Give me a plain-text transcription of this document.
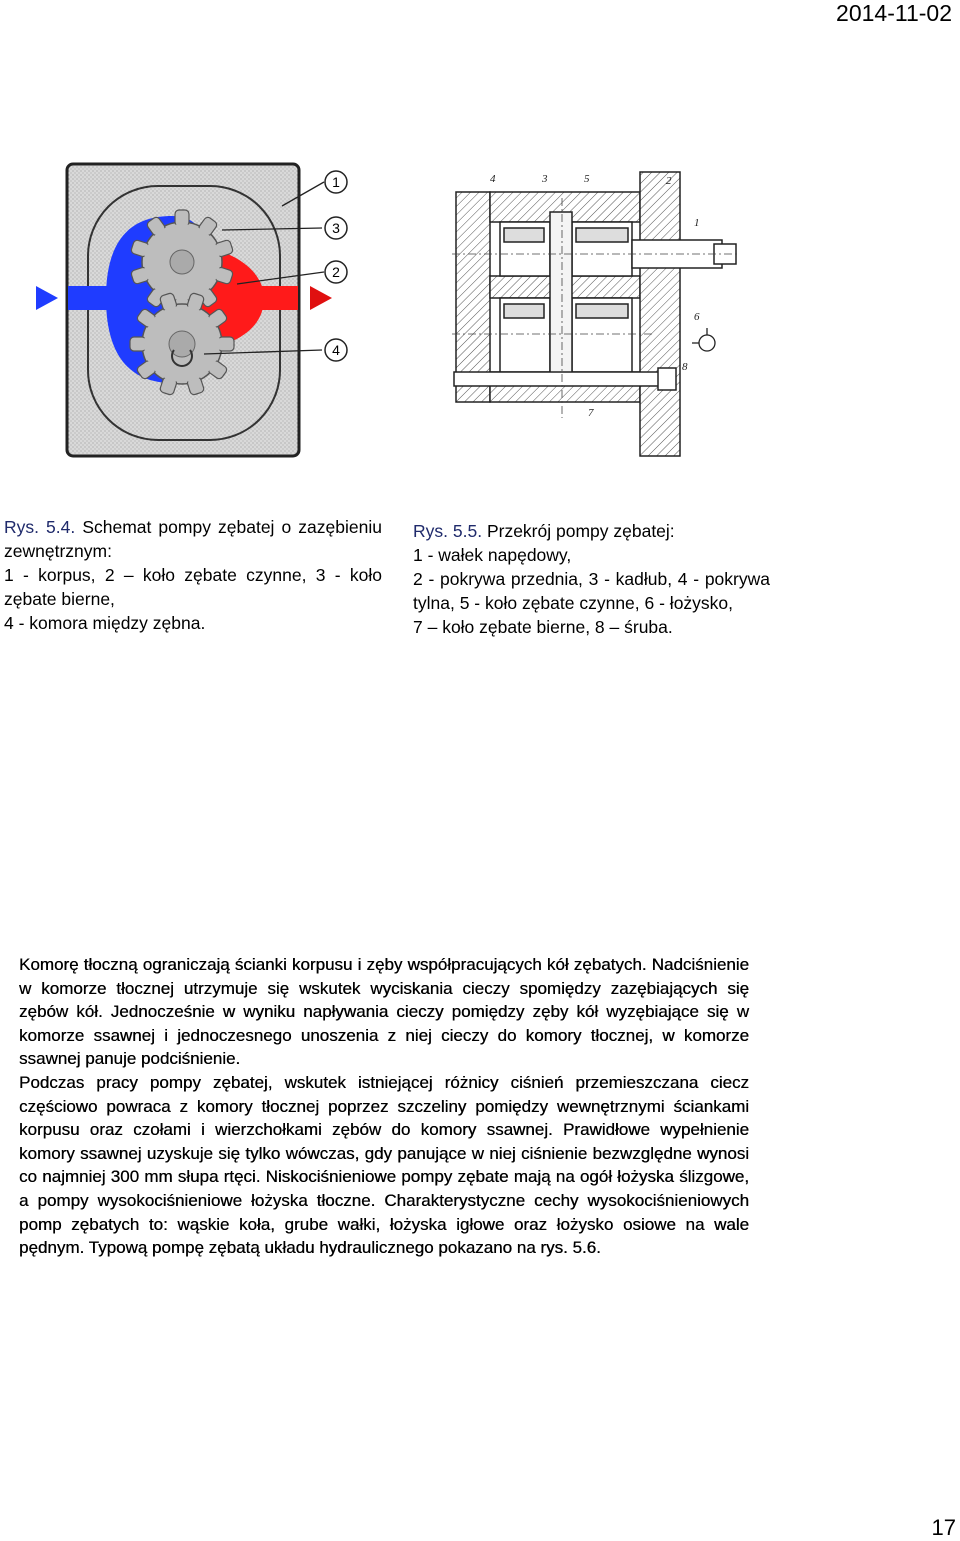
2014-11-02
1
3
2
4
4	3	5	2
1
6
8
7
Rys. 5.4. Schemat pompy zębatej o zazębieniu zewnętrznym:
1 - korpus, 2 – koło zębate czynne, 3 - koło zębate bierne,
4 - komora między zębna.
Rys. 5.5. Przekrój pompy zębatej:
1 - wałek napędowy,
2 - pokrywa przednia, 3 - kadłub, 4 - pokrywa tylna, 5 - koło zębate czynne, 6 - łożysko,
7 – koło zębate bierne, 8 – śruba.

Komorę tłoczną ograniczają ścianki korpusu i zęby współpracujących kół zębatych. Nadciśnienie w komorze tłocznej utrzymuje się wskutek wyciskania cieczy spomiędzy zazębiających się zębów kół. Jednocześnie w wyniku napływania cieczy pomiędzy zęby kół wyzębiające się w komorze ssawnej i jednoczesnego unoszenia z niej cieczy do komory tłocznej, w komorze ssawnej panuje podciśnienie.

Podczas pracy pompy zębatej, wskutek istniejącej różnicy ciśnień przemieszczana ciecz częściowo powraca z komory tłocznej poprzez szczeliny pomiędzy wewnętrznymi ściankami korpusu oraz czołami i wierzchołkami zębów do komory ssawnej. Prawidłowe wypełnienie komory ssawnej uzyskuje się tylko wówczas, gdy panujące w niej ciśnienie bezwzględne wynosi co najmniej 300 mm słupa rtęci. Niskociśnieniowe pompy zębate mają na ogół łożyska ślizgowe, a pompy wysokociśnieniowe łożyska tłoczne. Charakterystyczne cechy wysokociśnieniowych pomp zębatych to: wąskie koła, grube wałki, łożyska igłowe oraz łożysko osiowe na wale pędnym. Typową pompę zębatą układu hydraulicznego pokazano na rys. 5.6.

17
